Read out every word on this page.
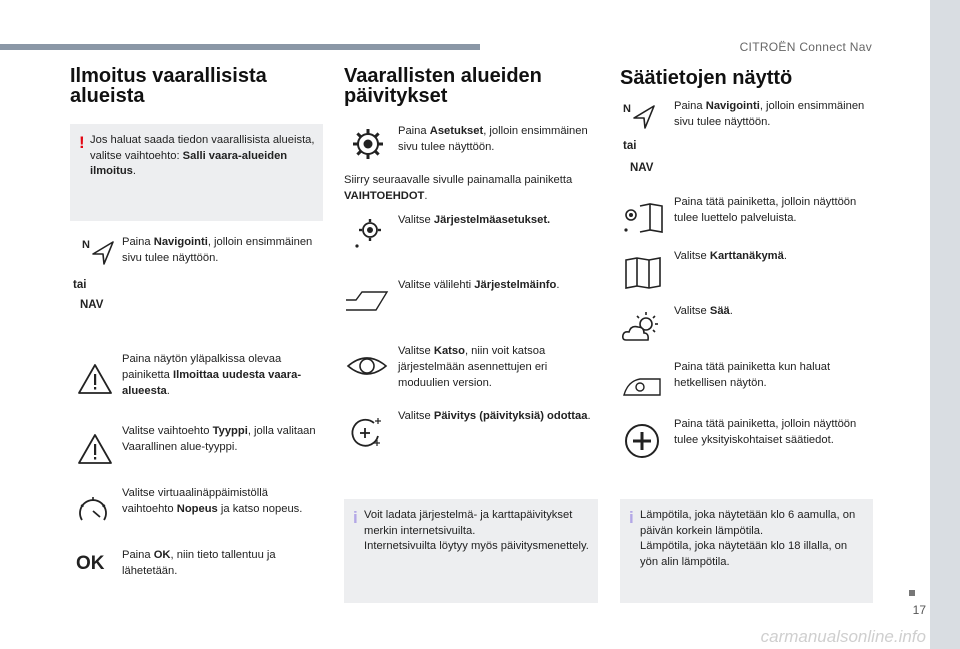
CITROËN Connect Nav
17
Ilmoitus vaarallisista
alueista
! Jos haluat saada tiedon vaarallisista alueista, valitse vaihtoehto: Salli vaara-alueiden ilmoitus.
N
tai
NAV
Paina Navigointi, jolloin ensimmäinen sivu tulee näyttöön.
Paina näytön yläpalkissa olevaa painiketta Ilmoittaa uudesta vaara-alueesta.
Valitse vaihtoehto Tyyppi, jolla valitaan Vaarallinen alue-tyyppi.
Valitse virtuaalinäppäimistöllä vaihtoehto Nopeus ja katso nopeus.
OK Paina OK, niin tieto tallentuu ja lähetetään.
Vaarallisten alueiden
päivitykset
Paina Asetukset, jolloin ensimmäinen sivu tulee näyttöön.
Siirry seuraavalle sivulle painamalla painiketta VAIHTOEHDOT.
Valitse Järjestelmäasetukset.
Valitse välilehti Järjestelmäinfo.
Valitse Katso, niin voit katsoa järjestelmään asennettujen eri moduulien version.
Valitse Päivitys (päivityksiä) odottaa.
i Voit ladata järjestelmä- ja karttapäivitykset merkin internetsivuilta.
Internetsivuilta löytyy myös päivitysmenettely.
Säätietojen näyttö
N
tai
NAV
Paina Navigointi, jolloin ensimmäinen sivu tulee näyttöön.
Paina tätä painiketta, jolloin näyttöön tulee luettelo palveluista.
Valitse Karttanäkymä.
Valitse Sää.
Paina tätä painiketta kun haluat hetkellisen näytön.
Paina tätä painiketta, jolloin näyttöön tulee yksityiskohtaiset säätiedot.
i Lämpötila, joka näytetään klo 6 aamulla, on päivän korkein lämpötila.
Lämpötila, joka näytetään klo 18 illalla, on yön alin lämpötila.
carmanualsonline.info
